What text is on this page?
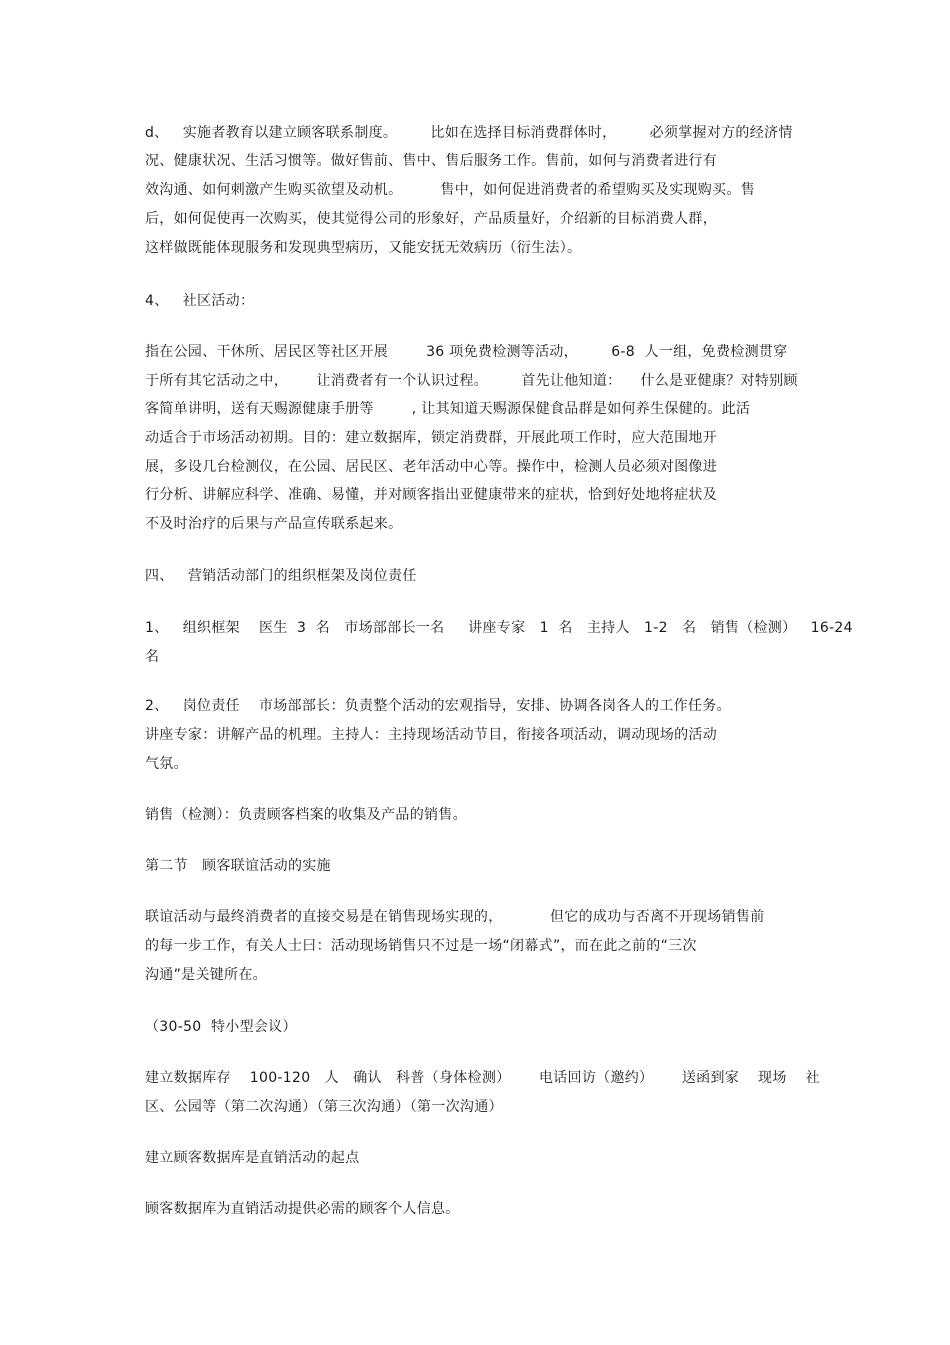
d、   实施者教育以建立顾客联系制度。       比如在选择目标消费群体时，       必须掌握对方的经济情
况、健康状况、生活习惯等。做好售前、售中、售后服务工作。售前，如何与消费者进行有
效沟通、如何刺激产生购买欲望及动机。        售中，如何促进消费者的希望购买及实现购买。售
后，如何促使再一次购买，使其觉得公司的形象好，产品质量好，介绍新的目标消费人群，
这样做既能体现服务和发现典型病历，又能安抚无效病历（衍生法）。
4、   社区活动：
指在公园、干休所、居民区等社区开展        36 项免费检测等活动，       6-8  人一组，免费检测贯穿
于所有其它活动之中，      让消费者有一个认识过程。       首先让他知道：    什么是亚健康？对特别顾
客简单讲明，送有天赐源健康手册等        , 让其知道天赐源保健食品群是如何养生保健的。此活
动适合于市场活动初期。目的：建立数据库，锁定消费群，开展此项工作时，应大范围地开
展，多设几台检测仪，在公园、居民区、老年活动中心等。操作中，检测人员必须对图像进
行分析、讲解应科学、准确、易懂，并对顾客指出亚健康带来的症状，恰到好处地将症状及
不及时治疗的后果与产品宣传联系起来。
四、   营销活动部门的组织框架及岗位责任
1、   组织框架    医生  3  名   市场部部长一名     讲座专家   1  名   主持人   1-2   名   销售（检测）   16-24
名
2、   岗位责任    市场部部长：负责整个活动的宏观指导，安排、协调各岗各人的工作任务。
讲座专家：讲解产品的机理。主持人：主持现场活动节目，衔接各项活动，调动现场的活动
气氛。
销售（检测）：负责顾客档案的收集及产品的销售。
第二节   顾客联谊活动的实施
联谊活动与最终消费者的直接交易是在销售现场实现的，          但它的成功与否离不开现场销售前
的每一步工作，有关人士曰：活动现场销售只不过是一场“闭幕式”，而在此之前的“三次
沟通”是关键所在。
（30-50  特小型会议）
建立数据库存    100-120   人   确认   科普（身体检测）      电话回访（邀约）      送函到家    现场    社
区、公园等（第二次沟通）（第三次沟通）（第一次沟通）
建立顾客数据库是直销活动的起点
顾客数据库为直销活动提供必需的顾客个人信息。
